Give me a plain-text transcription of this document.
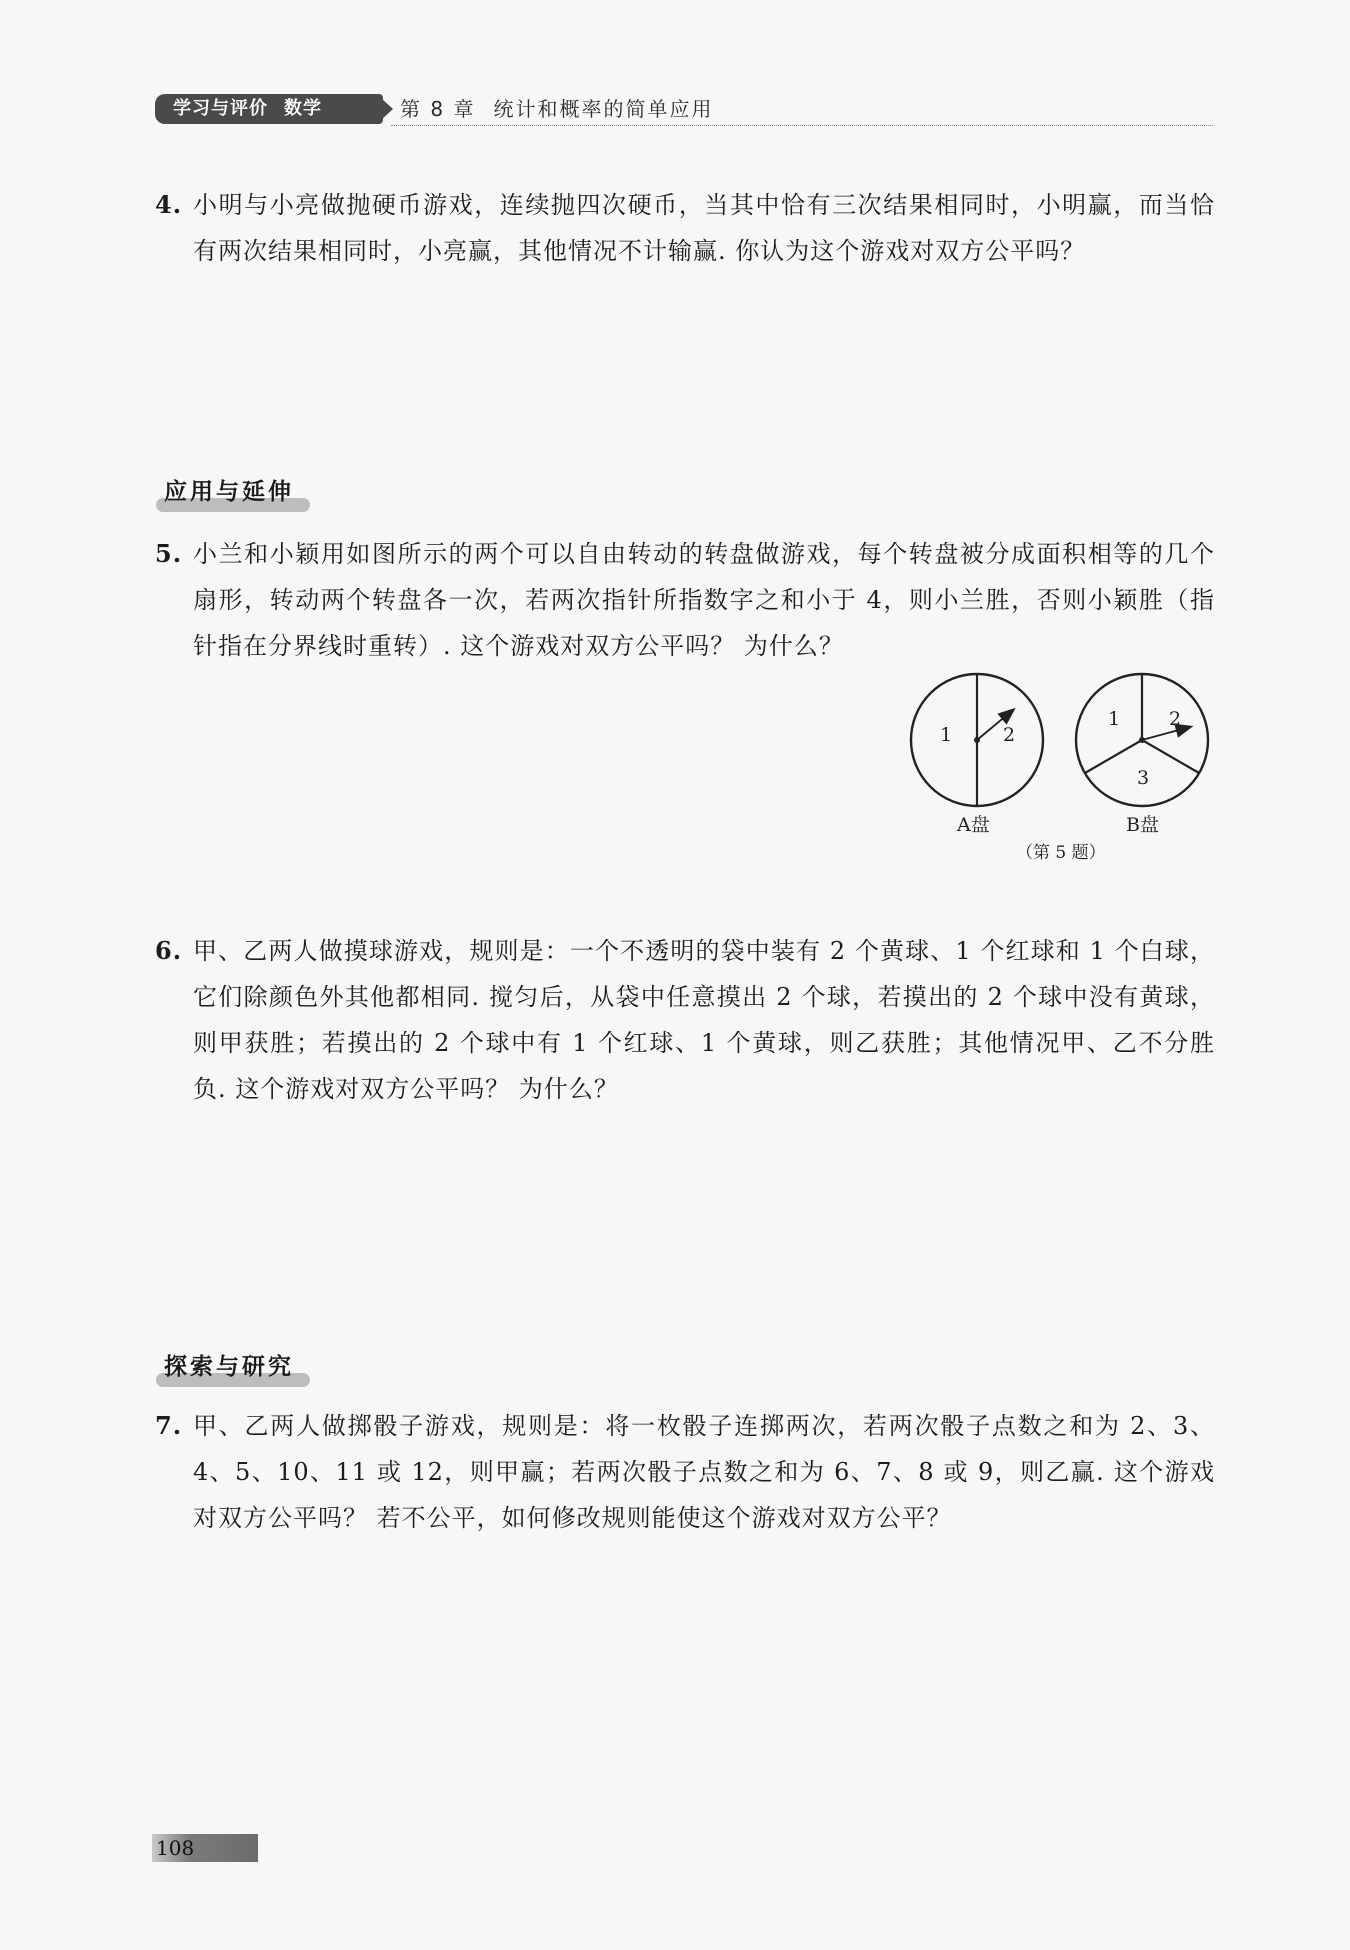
学习与评价 数学	第 8 章 统计和概率的简单应用
4. 小明与小亮做抛硬币游戏，连续抛四次硬币，当其中恰有三次结果相同时，小明赢，而当恰有两次结果相同时，小亮赢，其他情况不计输赢. 你认为这个游戏对双方公平吗？
应用与延伸
5. 小兰和小颖用如图所示的两个可以自由转动的转盘做游戏，每个转盘被分成面积相等的几个扇形，转动两个转盘各一次，若两次指针所指数字之和小于 4，则小兰胜，否则小颖胜（指针指在分界线时重转）. 这个游戏对双方公平吗？ 为什么？
1	2
1	2
3
A盘	B盘
（第 5 题）
6. 甲、乙两人做摸球游戏，规则是：一个不透明的袋中装有 2 个黄球、1 个红球和 1 个白球，它们除颜色外其他都相同. 搅匀后，从袋中任意摸出 2 个球，若摸出的 2 个球中没有黄球，则甲获胜；若摸出的 2 个球中有 1 个红球、1 个黄球，则乙获胜；其他情况甲、乙不分胜负. 这个游戏对双方公平吗？ 为什么？
探索与研究
7. 甲、乙两人做掷骰子游戏，规则是：将一枚骰子连掷两次，若两次骰子点数之和为 2、3、4、5、10、11 或 12，则甲赢；若两次骰子点数之和为 6、7、8 或 9，则乙赢. 这个游戏对双方公平吗？ 若不公平，如何修改规则能使这个游戏对双方公平？
108
